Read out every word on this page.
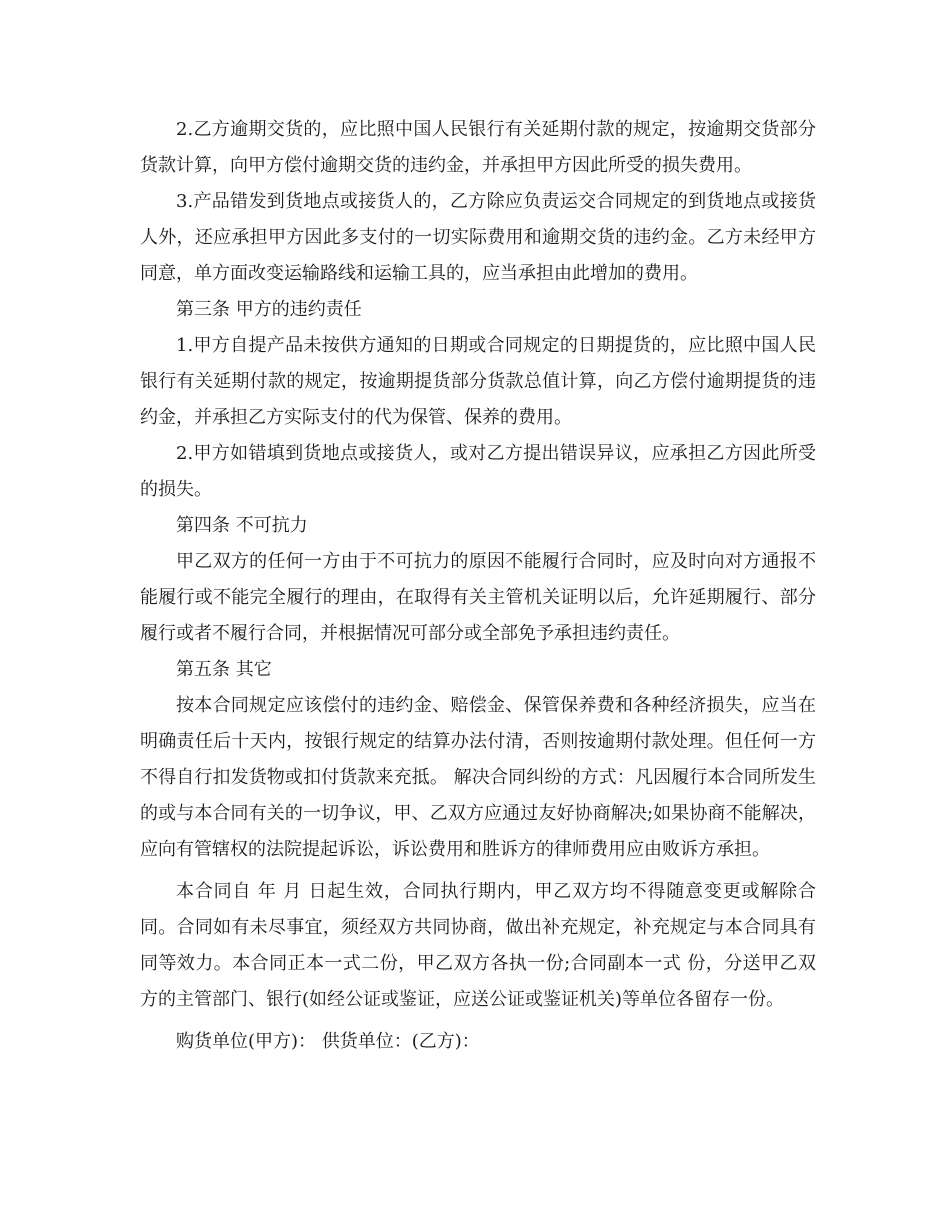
2.乙方逾期交货的，应比照中国人民银行有关延期付款的规定，按逾期交货部分货款计算，向甲方偿付逾期交货的违约金，并承担甲方因此所受的损失费用。

3.产品错发到货地点或接货人的，乙方除应负责运交合同规定的到货地点或接货人外，还应承担甲方因此多支付的一切实际费用和逾期交货的违约金。乙方未经甲方同意，单方面改变运输路线和运输工具的，应当承担由此增加的费用。

第三条 甲方的违约责任

1.甲方自提产品未按供方通知的日期或合同规定的日期提货的，应比照中国人民银行有关延期付款的规定，按逾期提货部分货款总值计算，向乙方偿付逾期提货的违约金，并承担乙方实际支付的代为保管、保养的费用。

2.甲方如错填到货地点或接货人，或对乙方提出错误异议，应承担乙方因此所受的损失。

第四条 不可抗力

甲乙双方的任何一方由于不可抗力的原因不能履行合同时，应及时向对方通报不能履行或不能完全履行的理由，在取得有关主管机关证明以后，允许延期履行、部分履行或者不履行合同，并根据情况可部分或全部免予承担违约责任。

第五条 其它

按本合同规定应该偿付的违约金、赔偿金、保管保养费和各种经济损失，应当在明确责任后十天内，按银行规定的结算办法付清，否则按逾期付款处理。但任何一方不得自行扣发货物或扣付货款来充抵。 解决合同纠纷的方式：凡因履行本合同所发生的或与本合同有关的一切争议，甲、乙双方应通过友好协商解决;如果协商不能解决，应向有管辖权的法院提起诉讼，诉讼费用和胜诉方的律师费用应由败诉方承担。

本合同自 年 月 日起生效，合同执行期内，甲乙双方均不得随意变更或解除合同。合同如有未尽事宜，须经双方共同协商，做出补充规定，补充规定与本合同具有同等效力。本合同正本一式二份，甲乙双方各执一份;合同副本一式 份，分送甲乙双方的主管部门、银行(如经公证或鉴证，应送公证或鉴证机关)等单位各留存一份。

购货单位(甲方)： 供货单位：(乙方)：
